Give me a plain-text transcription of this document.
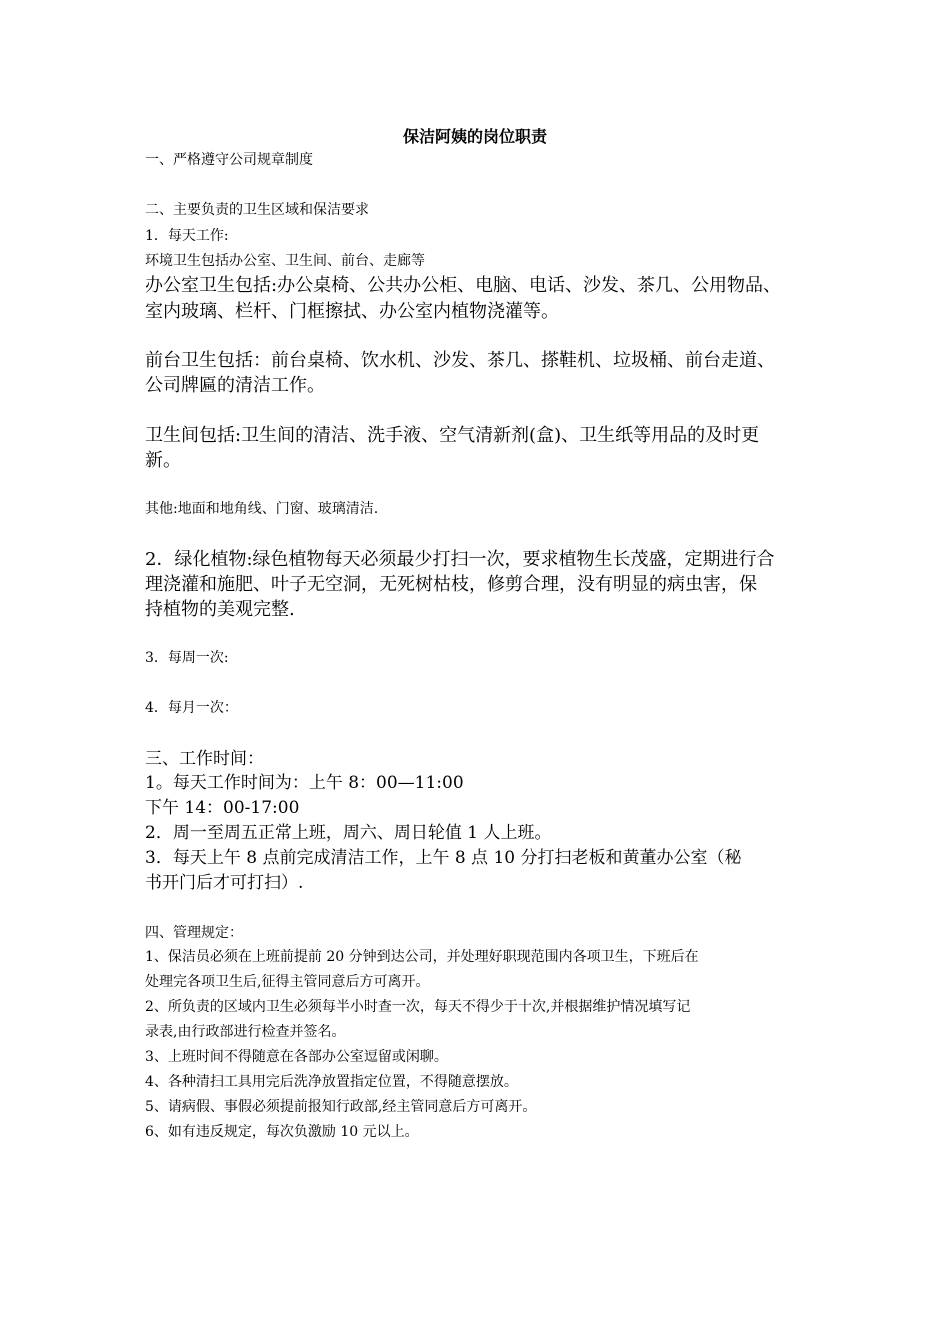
保洁阿姨的岗位职责
一、严格遵守公司规章制度
二、主要负责的卫生区域和保洁要求
1．每天工作:
环境卫生包括办公室、卫生间、前台、走廊等
办公室卫生包括:办公桌椅、公共办公柜、电脑、电话、沙发、茶几、公用物品、
室内玻璃、栏杆、门框擦拭、办公室内植物浇灌等。
前台卫生包括：前台桌椅、饮水机、沙发、茶几、搽鞋机、垃圾桶、前台走道、
公司牌匾的清洁工作。
卫生间包括:卫生间的清洁、洗手液、空气清新剂(盒)、卫生纸等用品的及时更
新。
其他:地面和地角线、门窗、玻璃清洁.
2．绿化植物:绿色植物每天必须最少打扫一次，要求植物生长茂盛，定期进行合
理浇灌和施肥、叶子无空洞，无死树枯枝，修剪合理，没有明显的病虫害，保
持植物的美观完整.
3．每周一次:
4．每月一次：
三、工作时间：
1。每天工作时间为：上午 8：00—11:00
下午 14：00-17:00
2．周一至周五正常上班，周六、周日轮值 1 人上班。
3．每天上午 8 点前完成清洁工作，上午 8 点 10 分打扫老板和黄董办公室（秘
书开门后才可打扫）.
四、管理规定：
1、保洁员必须在上班前提前 20 分钟到达公司，并处理好职现范围内各项卫生，下班后在
处理完各项卫生后,征得主管同意后方可离开。
2、所负责的区域内卫生必须每半小时查一次，每天不得少于十次,并根据维护情况填写记
录表,由行政部进行检查并签名。
3、上班时间不得随意在各部办公室逗留或闲聊。
4、各种清扫工具用完后洗净放置指定位置，不得随意摆放。
5、请病假、事假必须提前报知行政部,经主管同意后方可离开。
6、如有违反规定，每次负激励 10 元以上。
